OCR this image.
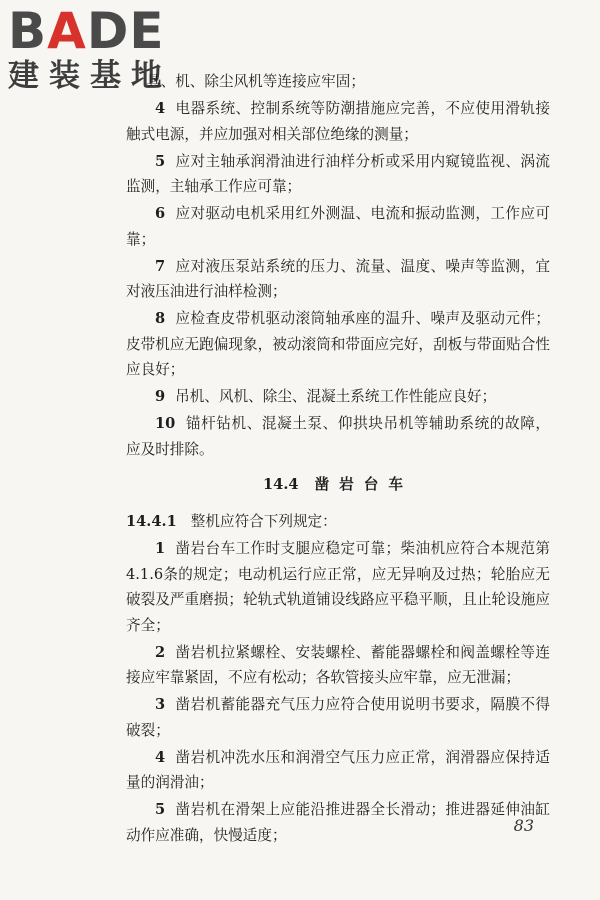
BADE
建装基地

具、机、除尘风机等连接应牢固；

4 电器系统、控制系统等防潮措施应完善，不应使用滑轨接触式电源，并应加强对相关部位绝缘的测量；

5 应对主轴承润滑油进行油样分析或采用内窥镜监视、涡流监测，主轴承工作应可靠；

6 应对驱动电机采用红外测温、电流和振动监测，工作应可靠；

7 应对液压泵站系统的压力、流量、温度、噪声等监测，宜对液压油进行油样检测；

8 应检查皮带机驱动滚筒轴承座的温升、噪声及驱动元件；皮带机应无跑偏现象，被动滚筒和带面应完好，刮板与带面贴合性应良好；

9 吊机、风机、除尘、混凝土系统工作性能应良好；

10 锚杆钻机、混凝土泵、仰拱块吊机等辅助系统的故障，应及时排除。

14.4 凿岩台车

14.4.1 整机应符合下列规定：

1 凿岩台车工作时支腿应稳定可靠；柴油机应符合本规范第4.1.6条的规定；电动机运行应正常，应无异响及过热；轮胎应无破裂及严重磨损；轮轨式轨道铺设线路应平稳平顺，且止轮设施应齐全；

2 凿岩机拉紧螺栓、安装螺栓、蓄能器螺栓和阀盖螺栓等连接应牢靠紧固，不应有松动；各软管接头应牢靠，应无泄漏；

3 凿岩机蓄能器充气压力应符合使用说明书要求，隔膜不得破裂；

4 凿岩机冲洗水压和润滑空气压力应正常，润滑器应保持适量的润滑油；

5 凿岩机在滑架上应能沿推进器全长滑动；推进器延伸油缸动作应准确，快慢适度；	83
